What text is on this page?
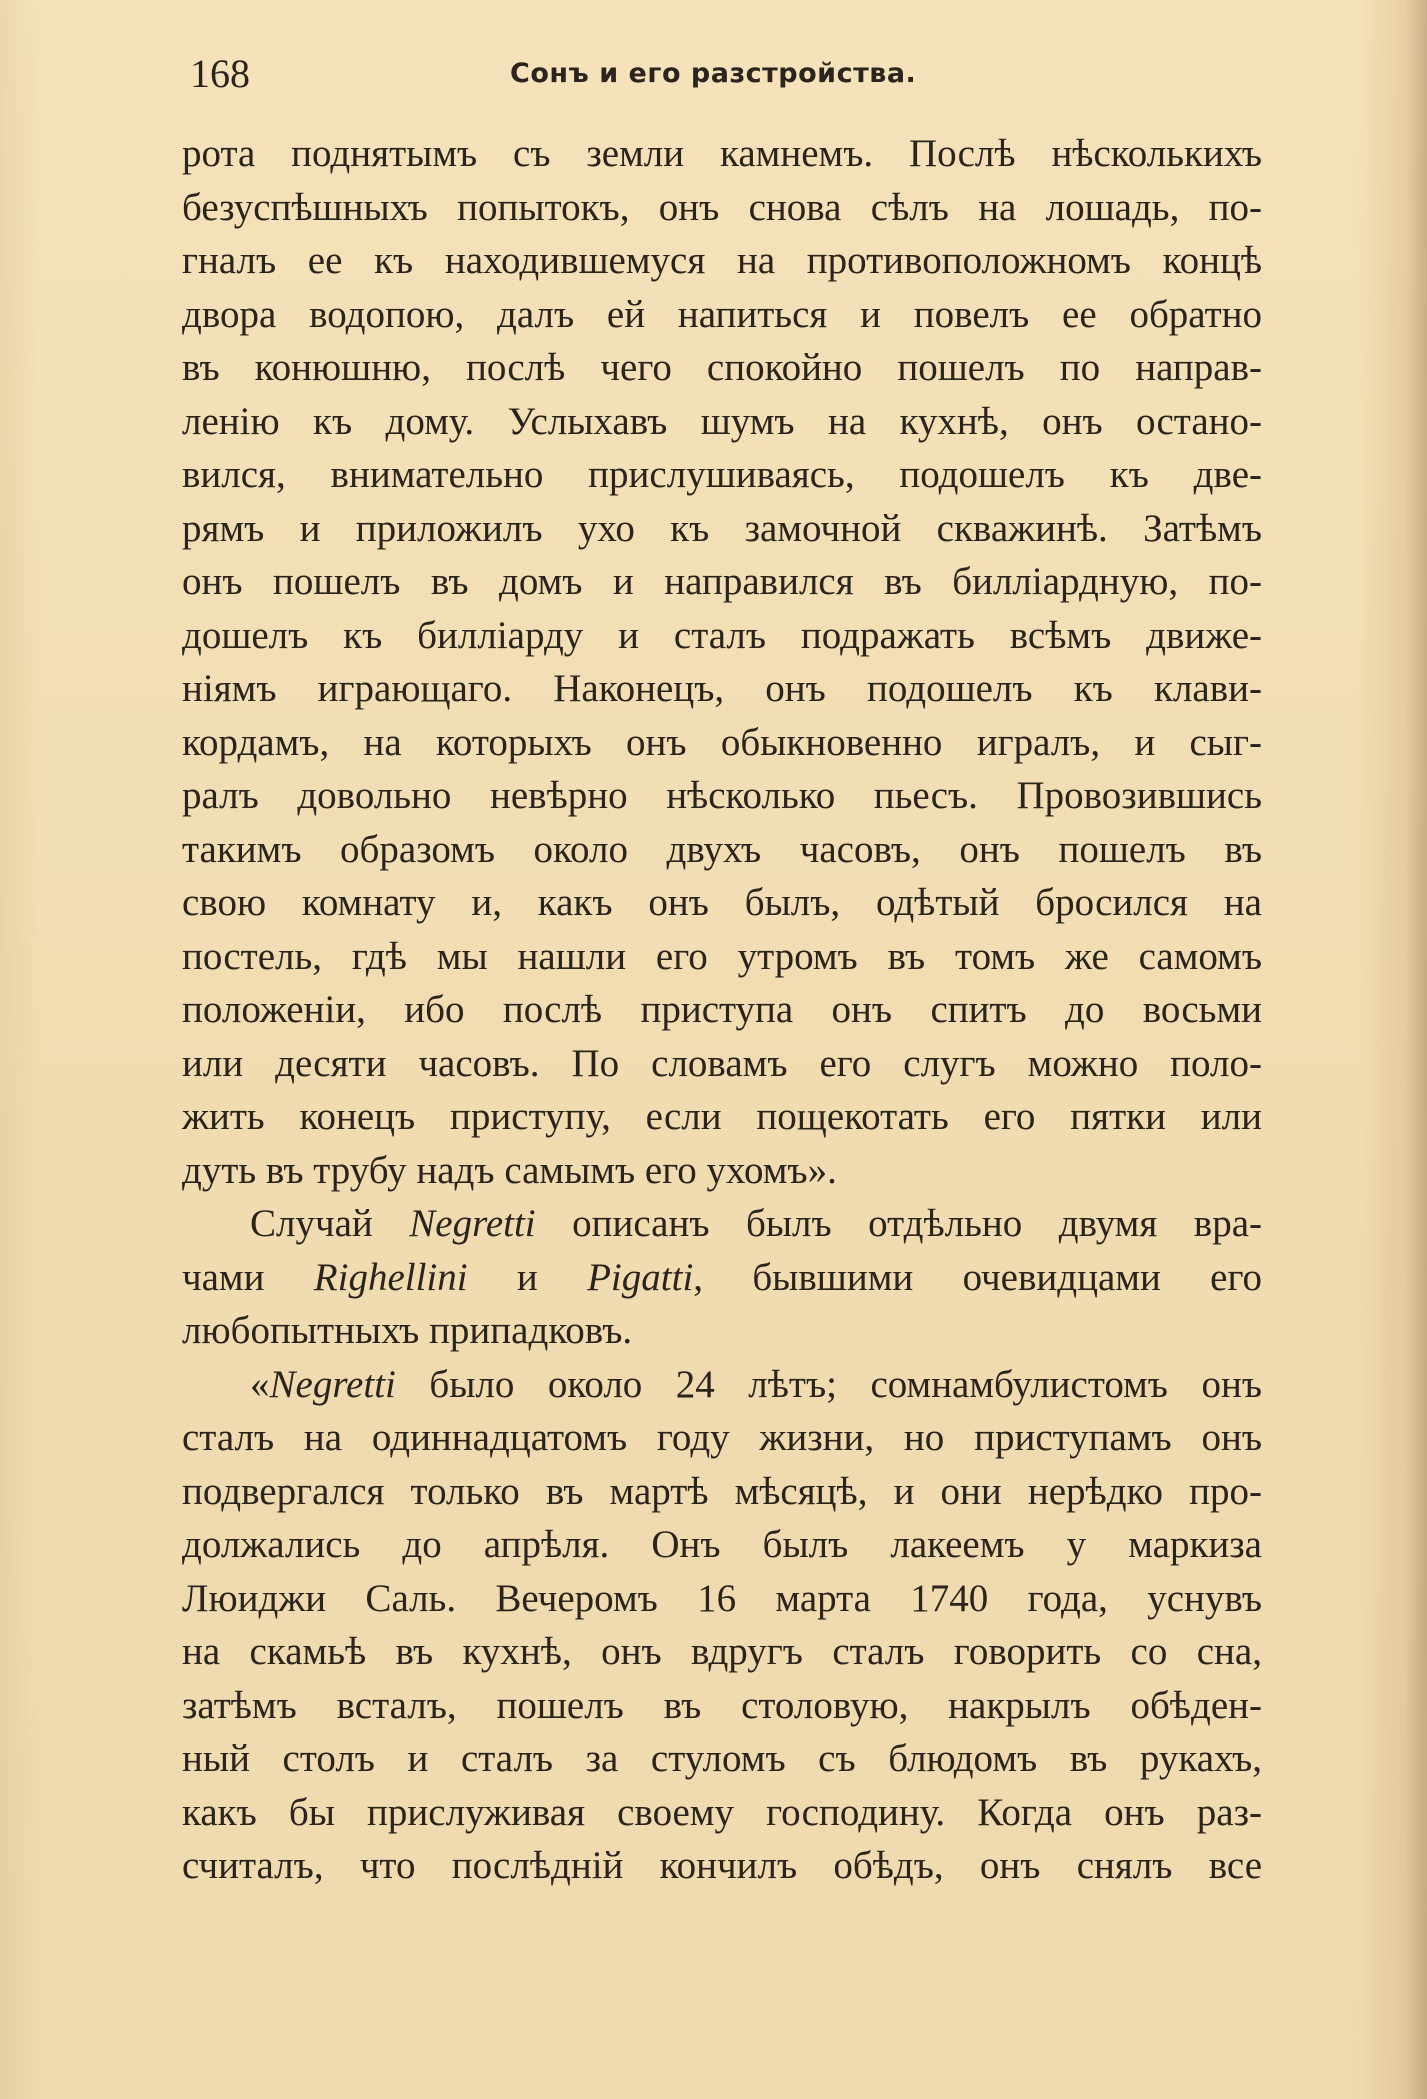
168	Сонъ и его разстройства.
рота поднятымъ съ земли камнемъ. Послѣ нѣсколькихъ
безуспѣшныхъ попытокъ, онъ снова сѣлъ на лошадь, по-
гналъ ее къ находившемуся на противоположномъ концѣ
двора водопою, далъ ей напиться и повелъ ее обратно
въ конюшню, послѣ чего спокойно пошелъ по направ-
ленію къ дому. Услыхавъ шумъ на кухнѣ, онъ остано-
вился, внимательно прислушиваясь, подошелъ къ две-
рямъ и приложилъ ухо къ замочной скважинѣ. Затѣмъ
онъ пошелъ въ домъ и направился въ билліардную, по-
дошелъ къ билліарду и сталъ подражать всѣмъ движе-
ніямъ играющаго. Наконецъ, онъ подошелъ къ клави-
кордамъ, на которыхъ онъ обыкновенно игралъ, и сыг-
ралъ довольно невѣрно нѣсколько пьесъ. Провозившись
такимъ образомъ около двухъ часовъ, онъ пошелъ въ
свою комнату и, какъ онъ былъ, одѣтый бросился на
постель, гдѣ мы нашли его утромъ въ томъ же самомъ
положеніи, ибо послѣ приступа онъ спитъ до восьми
или десяти часовъ. По словамъ его слугъ можно поло-
жить конецъ приступу, если пощекотать его пятки или
дуть въ трубу надъ самымъ его ухомъ».
Случай Negretti описанъ былъ отдѣльно двумя вра-
чами Righellini и Pigatti, бывшими очевидцами его
любопытныхъ припадковъ.
«Negretti было около 24 лѣтъ; сомнамбулистомъ онъ
сталъ на одиннадцатомъ году жизни, но приступамъ онъ
подвергался только въ мартѣ мѣсяцѣ, и они нерѣдко про-
должались до апрѣля. Онъ былъ лакеемъ у маркиза
Люиджи Саль. Вечеромъ 16 марта 1740 года, уснувъ
на скамьѣ въ кухнѣ, онъ вдругъ сталъ говорить со сна,
затѣмъ всталъ, пошелъ въ столовую, накрылъ обѣден-
ный столъ и сталъ за стуломъ съ блюдомъ въ рукахъ,
какъ бы прислуживая своему господину. Когда онъ раз-
считалъ, что послѣдній кончилъ обѣдъ, онъ снялъ все
